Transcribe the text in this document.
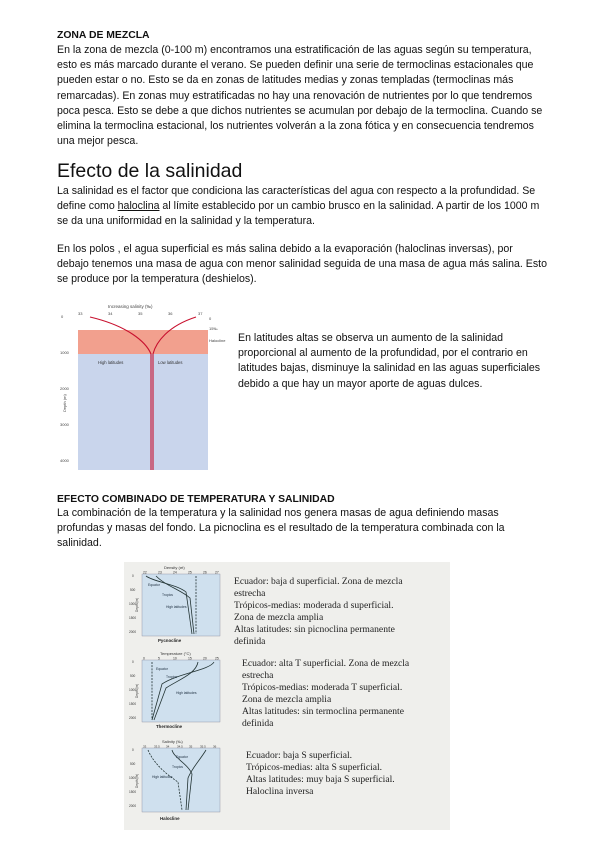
ZONA DE MEZCLA
En la zona de mezcla (0-100 m) encontramos una estratificación de las aguas según su temperatura, esto es más marcado durante el verano. Se pueden definir una serie de termoclinas estacionales que pueden estar o no. Esto se da en zonas de latitudes medias y zonas templadas (termoclinas más remarcadas). En zonas muy estratificadas no hay una renovación de nutrientes por lo que tendremos poca pesca. Esto se debe a que dichos nutrientes se acumulan por debajo de la termoclina. Cuando se elimina la termoclina estacional, los nutrientes volverán a la zona fótica y en consecuencia tendremos una mejor pesca.
Efecto de la salinidad
La salinidad es el factor que condiciona las características del agua con respecto a la profundidad. Se define como haloclina al límite establecido por un cambio brusco en la salinidad. A partir de los 1000 m se da una uniformidad en la salinidad y la temperatura.
En los polos , el agua superficial es más salina debido a la evaporación (haloclinas inversas), por debajo tenemos una masa de agua con menor salinidad seguida de una masa de agua más salina. Esto se produce por la temperatura (deshielos).
Increasing salinity (‰)
33	34	35	36	37
0
1000
2000
3000
4000
Depth (m)
0
15‰
Halocline
High latitudes	Low latitudes
En latitudes altas se observa un aumento de la salinidad proporcional al aumento de la profundidad, por el contrario en latitudes bajas, disminuye la salinidad en las aguas superficiales debido a que hay un mayor aporte de aguas dulces.
EFECTO COMBINADO DE TEMPERATURA Y SALINIDAD
La combinación de la temperatura y la salinidad nos genera masas de agua definiendo masas profundas y masas del fondo. La picnoclina es el resultado de la temperatura combinada con la salinidad.
Density (σt)
22	23	24	25	26 27
0
500
1000
1500
2000
Depth (m)
Equator
Tropics
High latitudes
Pycnocline
Temperature (°C)
0	5	10	15	20 25
0
500
1000
1500
2000
Depth (m)
Equator
Tropics
High latitudes
Thermocline
Salinity (‰)
33	33.5 34	34.5 35	35.5 36
0
500
1000
1500
2000
Depth (m)
Equator
Tropics
High latitudes
Halocline
Ecuador: baja d superficial. Zona de mezcla
estrecha
Trópicos-medias: moderada d superficial.
Zona de mezcla amplia
Altas latitudes: sin picnoclina permanente
definida
Ecuador: alta T superficial. Zona de mezcla
estrecha
Trópicos-medias: moderada T superficial.
Zona de mezcla amplia
Altas latitudes: sin termoclina permanente
definida
Ecuador: baja S superficial.
Trópicos-medias: alta S superficial.
Altas latitudes: muy baja S superficial.
Haloclina inversa
